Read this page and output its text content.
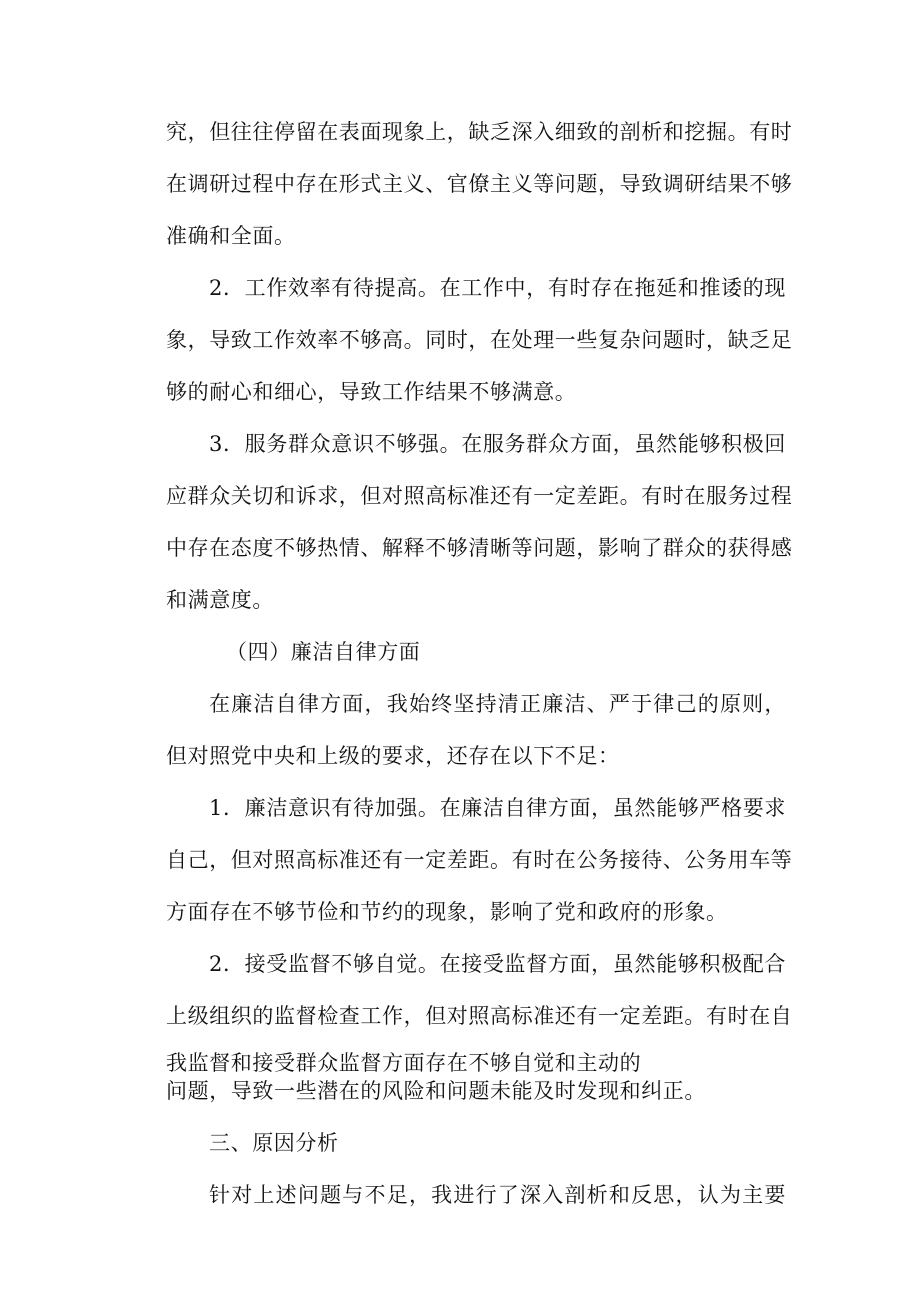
究，但往往停留在表面现象上，缺乏深入细致的剖析和挖掘。有时
在调研过程中存在形式主义、官僚主义等问题，导致调研结果不够
准确和全面。
2．工作效率有待提高。在工作中，有时存在拖延和推诿的现
象，导致工作效率不够高。同时，在处理一些复杂问题时，缺乏足
够的耐心和细心，导致工作结果不够满意。
3．服务群众意识不够强。在服务群众方面，虽然能够积极回
应群众关切和诉求，但对照高标准还有一定差距。有时在服务过程
中存在态度不够热情、解释不够清晰等问题，影响了群众的获得感
和满意度。
（四）廉洁自律方面
在廉洁自律方面，我始终坚持清正廉洁、严于律己的原则，
但对照党中央和上级的要求，还存在以下不足：
1．廉洁意识有待加强。在廉洁自律方面，虽然能够严格要求
自己，但对照高标准还有一定差距。有时在公务接待、公务用车等
方面存在不够节俭和节约的现象，影响了党和政府的形象。
2．接受监督不够自觉。在接受监督方面，虽然能够积极配合
上级组织的监督检查工作，但对照高标准还有一定差距。有时在自
我监督和接受群众监督方面存在不够自觉和主动的
问题，导致一些潜在的风险和问题未能及时发现和纠正。
三、原因分析
针对上述问题与不足，我进行了深入剖析和反思，认为主要
